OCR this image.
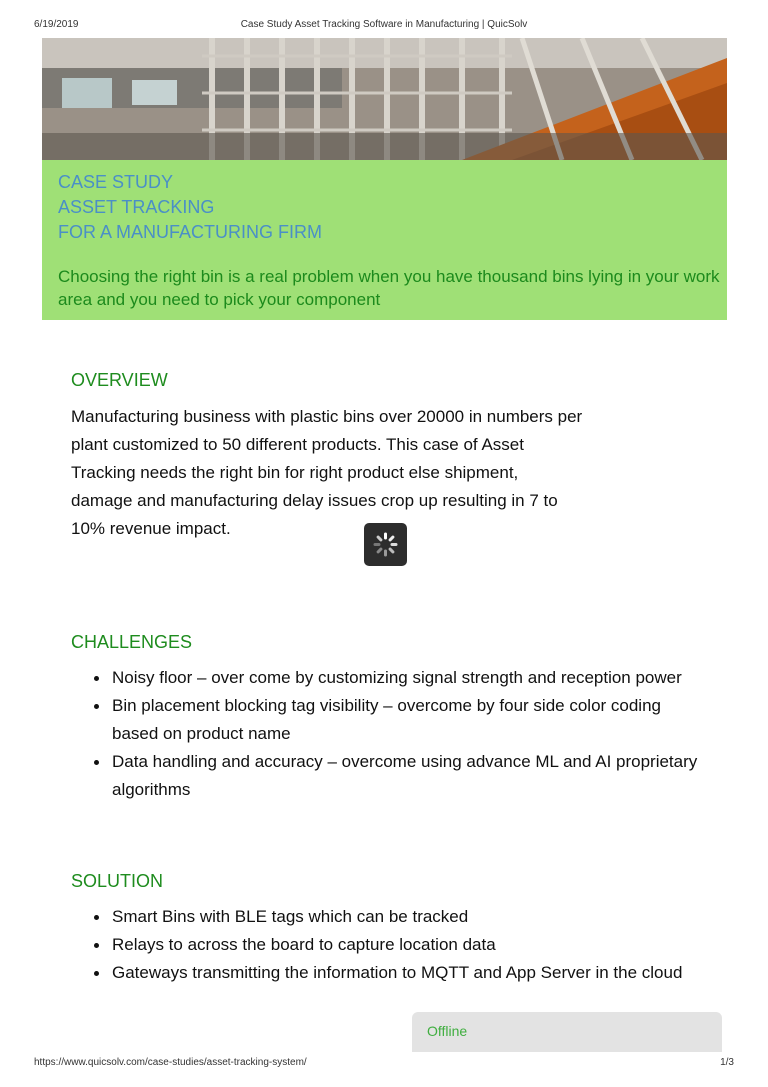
6/19/2019	Case Study Asset Tracking Software in Manufacturing | QuicSolv
CASE STUDY
ASSET TRACKING
FOR A MANUFACTURING FIRM
Choosing the right bin is a real problem when you have thousand bins lying in your work area and you need to pick your component
OVERVIEW
Manufacturing business with plastic bins over 20000 in numbers per
plant customized to 50 different products. This case of Asset
Tracking needs the right bin for right product else shipment,
damage and manufacturing delay issues crop up resulting in 7 to
10% revenue impact.
CHALLENGES
Noisy floor – over come by customizing signal strength and reception power
Bin placement blocking tag visibility – overcome by four side color coding based on product name
Data handling and accuracy – overcome using advance ML and AI proprietary algorithms
SOLUTION
Smart Bins with BLE tags which can be tracked
Relays to across the board to capture location data
Gateways transmitting the information to MQTT and App Server in the cloud
Offline
https://www.quicsolv.com/case-studies/asset-tracking-system/	1/3
